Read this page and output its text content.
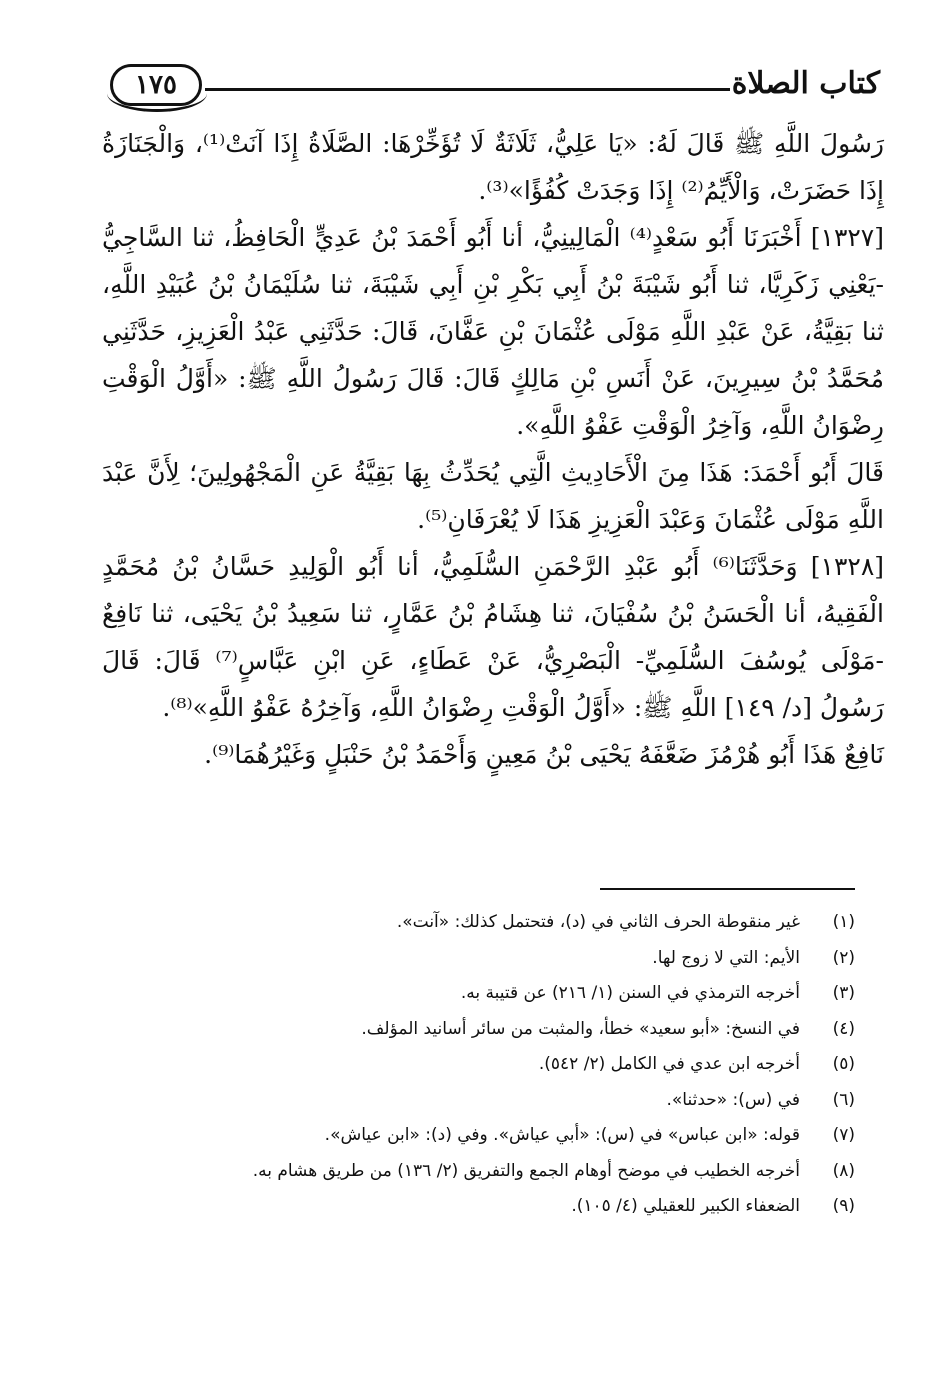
كتاب الصلاة
١٧٥

رَسُولَ اللَّهِ ﷺ قَالَ لَهُ: «يَا عَلِيُّ، ثَلَاثَةٌ لَا تُؤَخِّرْهَا: الصَّلَاةُ إِذَا آنَتْ⁽¹⁾، وَالْجَنَازَةُ إِذَا حَضَرَتْ، وَالْأَيِّمُ⁽²⁾ إِذَا وَجَدَتْ كُفُؤًا»⁽³⁾.

[١٣٢٧] أَخْبَرَنَا أَبُو سَعْدٍ⁽⁴⁾ الْمَالِينِيُّ، أنا أَبُو أَحْمَدَ بْنُ عَدِيٍّ الْحَافِظُ، ثنا السَّاجِيُّ -يَعْنِي زَكَرِيَّا، ثنا أَبُو شَيْبَةَ بْنُ أَبِي بَكْرِ بْنِ أَبِي شَيْبَةَ، ثنا سُلَيْمَانُ بْنُ عُبَيْدِ اللَّهِ، ثنا بَقِيَّةُ، عَنْ عَبْدِ اللَّهِ مَوْلَى عُثْمَانَ بْنِ عَفَّانَ، قَالَ: حَدَّثَنِي عَبْدُ الْعَزِيزِ، حَدَّثَنِي مُحَمَّدُ بْنُ سِيرِينَ، عَنْ أَنَسِ بْنِ مَالِكٍ قَالَ: قَالَ رَسُولُ اللَّهِ ﷺ: «أَوَّلُ الْوَقْتِ رِضْوَانُ اللَّهِ، وَآخِرُ الْوَقْتِ عَفْوُ اللَّهِ».

قَالَ أَبُو أَحْمَدَ: هَذَا مِنَ الْأَحَادِيثِ الَّتِي يُحَدِّثُ بِهَا بَقِيَّةُ عَنِ الْمَجْهُولِينَ؛ لِأَنَّ عَبْدَ اللَّهِ مَوْلَى عُثْمَانَ وَعَبْدَ الْعَزِيزِ هَذَا لَا يُعْرَفَانِ⁽⁵⁾.

[١٣٢٨] وَحَدَّثَنَا⁽⁶⁾ أَبُو عَبْدِ الرَّحْمَنِ السُّلَمِيُّ، أنا أَبُو الْوَلِيدِ حَسَّانُ بْنُ مُحَمَّدٍ الْفَقِيهُ، أنا الْحَسَنُ بْنُ سُفْيَانَ، ثنا هِشَامُ بْنُ عَمَّارٍ، ثنا سَعِيدُ بْنُ يَحْيَى، ثنا نَافِعٌ -مَوْلَى يُوسُفَ السُّلَمِيِّ- الْبَصْرِيُّ، عَنْ عَطَاءٍ، عَنِ ابْنِ عَبَّاسٍ⁽⁷⁾ قَالَ: قَالَ رَسُولُ [د/ ١٤٩] اللَّهِ ﷺ: «أَوَّلُ الْوَقْتِ رِضْوَانُ اللَّهِ، وَآخِرُهُ عَفْوُ اللَّهِ»⁽⁸⁾.

نَافِعٌ هَذَا أَبُو هُرْمُزَ ضَعَّفَهُ يَحْيَى بْنُ مَعِينٍ وَأَحْمَدُ بْنُ حَنْبَلٍ وَغَيْرُهُمَا⁽⁹⁾.

(١)
غير منقوطة الحرف الثاني في (د)، فتحتمل كذلك: «آنت».
(٢)
الأيم: التي لا زوج لها.
(٣)
أخرجه الترمذي في السنن (١/ ٢١٦) عن قتيبة به.
(٤)
في النسخ: «أبو سعيد» خطأ، والمثبت من سائر أسانيد المؤلف.
(٥)
أخرجه ابن عدي في الكامل (٢/ ٥٤٢).
(٦)
في (س): «حدثنا».
(٧)
قوله: «ابن عباس» في (س): «أبي عياش». وفي (د): «ابن عياش».
(٨)
أخرجه الخطيب في موضح أوهام الجمع والتفريق (٢/ ١٣٦) من طريق هشام به.
(٩)
الضعفاء الكبير للعقيلي (٤/ ١٠٥).
